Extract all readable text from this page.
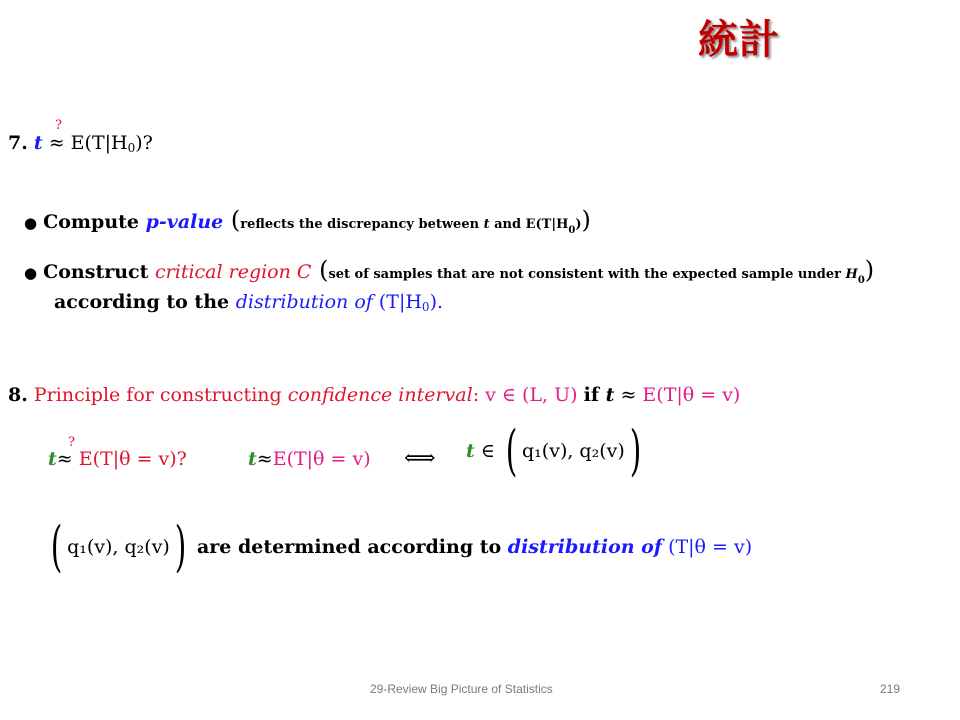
統計
?
7. $t \approx E(T|H_0)$?
● Compute p-value (reflects the discrepancy between t and $E(T|H_0)$)
● Construct critical region C (set of samples that are not consistent with the expected sample under $H_0$)
according to the distribution of $(T|H_0)$.
8. Principle for constructing confidence interval: v ∈ (L, U) if t ≈ E(T|θ = v)
?
t≈ E(T|θ = v)?	t≈E(T|θ = v) ⟺ t ∈ ( q₁(v), q₂(v))
( q₁(v), q₂(v)) are determined according to distribution of (T|θ = v)
29-Review Big Picture of Statistics	219
